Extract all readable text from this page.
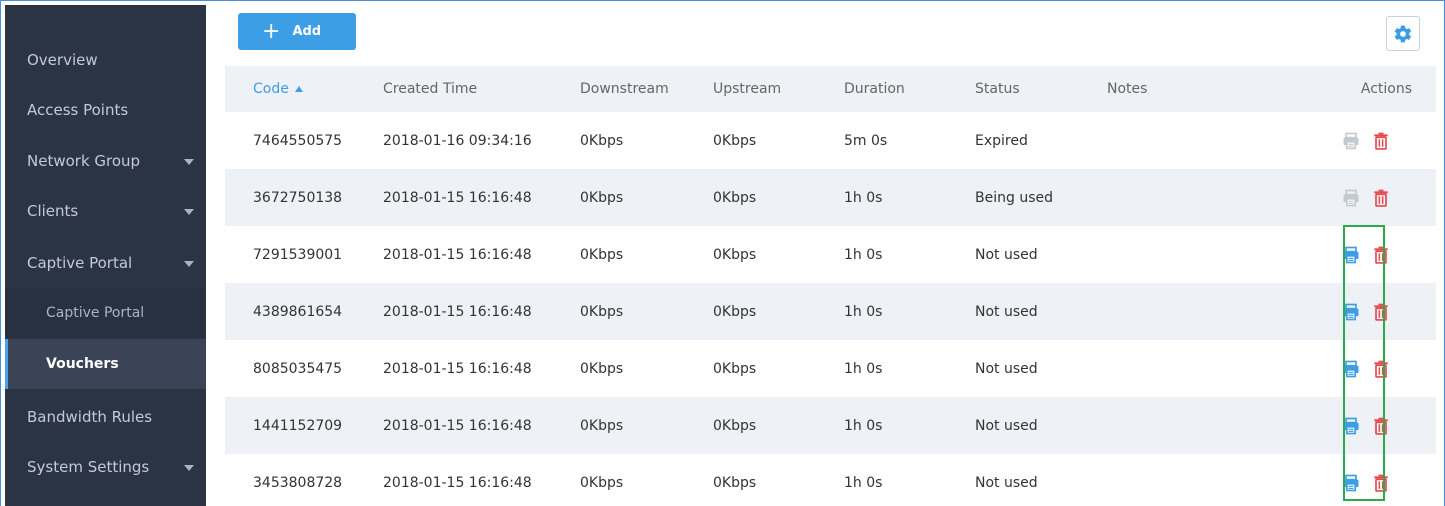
Overview
Access Points
Network Group
Clients
Captive Portal
Captive Portal
Vouchers
Bandwidth Rules
System Settings
+ Add
Code	Created Time	Downstream	Upstream	Duration	Status	Notes	Actions
7464550575	2018-01-16 09:34:16	0Kbps	0Kbps	5m 0s	Expired
3672750138	2018-01-15 16:16:48	0Kbps	0Kbps	1h 0s	Being used
7291539001	2018-01-15 16:16:48	0Kbps	0Kbps	1h 0s	Not used
4389861654	2018-01-15 16:16:48	0Kbps	0Kbps	1h 0s	Not used
8085035475	2018-01-15 16:16:48	0Kbps	0Kbps	1h 0s	Not used
1441152709	2018-01-15 16:16:48	0Kbps	0Kbps	1h 0s	Not used
3453808728	2018-01-15 16:16:48	0Kbps	0Kbps	1h 0s	Not used
